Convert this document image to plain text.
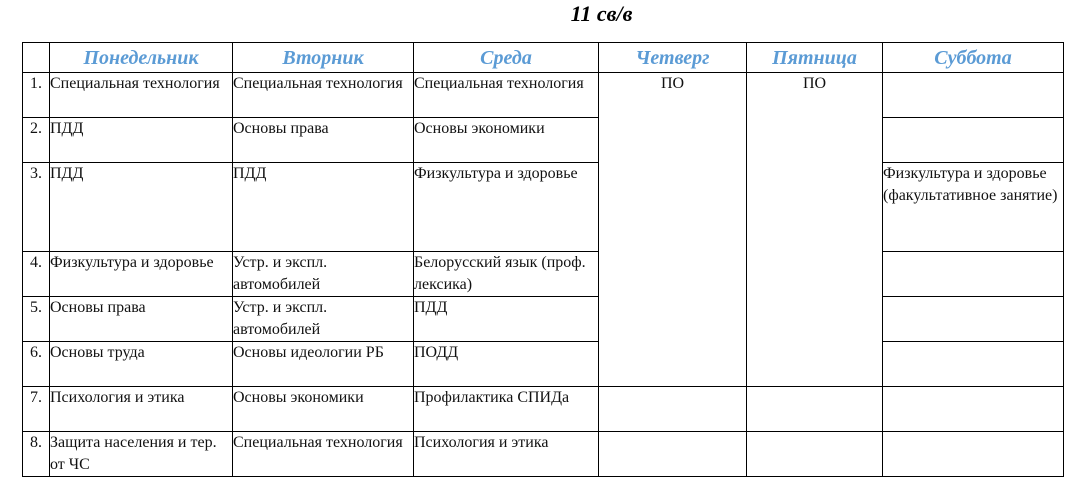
11 св/в
	Понедельник	Вторник	Среда	Четверг	Пятница	Суббота
1.	Специальная технология	Специальная технология	Специальная технология	ПО	ПО	
2.	ПДД	Основы права	Основы экономики			
3.	ПДД	ПДД	Физкультура и здоровье			Физкультура и здоровье (факультативное занятие)
4.	Физкультура и здоровье	Устр. и экспл. автомобилей	Белорусский язык (проф. лексика)			
5.	Основы права	Устр. и экспл. автомобилей	ПДД			
6.	Основы труда	Основы идеологии РБ	ПОДД			
7.	Психология и этика	Основы экономики	Профилактика СПИДа			
8.	Защита населения и тер. от ЧС	Специальная технология	Психология и этика			
